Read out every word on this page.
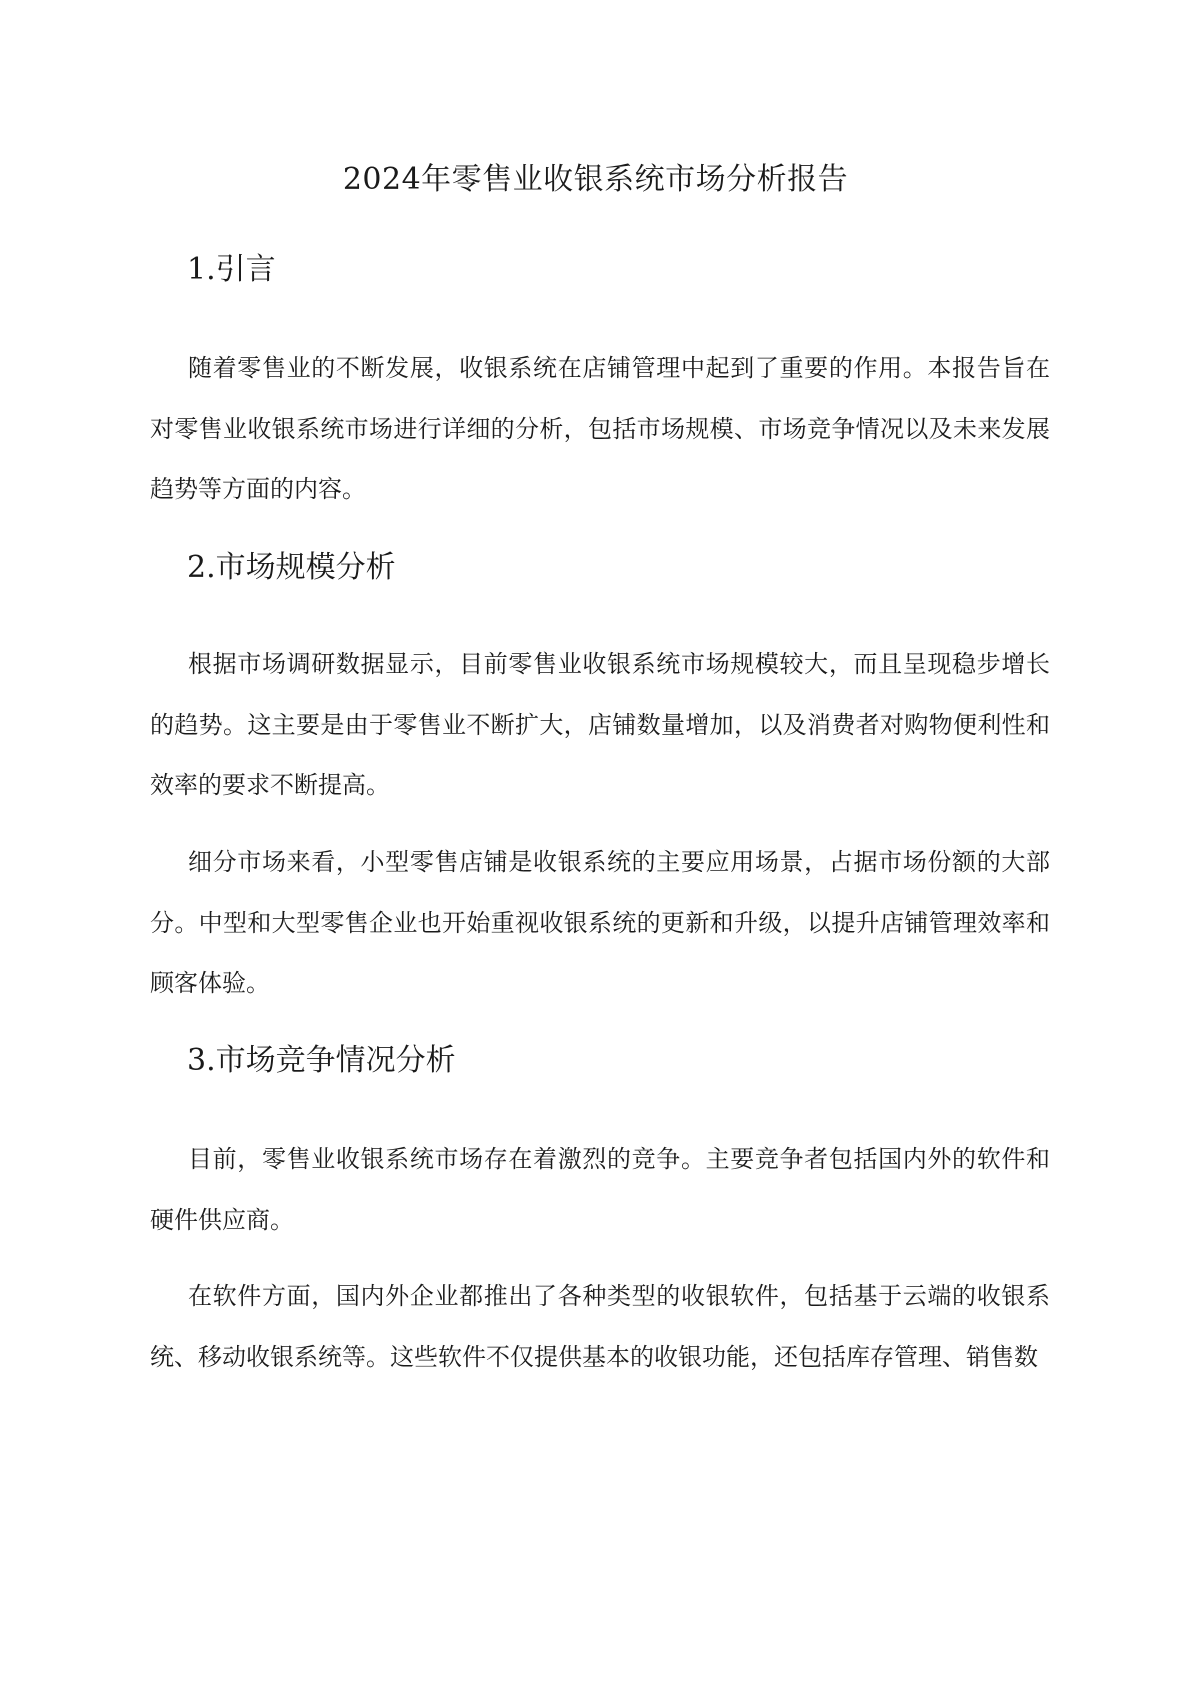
2024年零售业收银系统市场分析报告
1.引言

随着零售业的不断发展，收银系统在店铺管理中起到了重要的作用。本报告旨在对零售业收银系统市场进行详细的分析，包括市场规模、市场竞争情况以及未来发展趋势等方面的内容。

2.市场规模分析

根据市场调研数据显示，目前零售业收银系统市场规模较大，而且呈现稳步增长的趋势。这主要是由于零售业不断扩大，店铺数量增加，以及消费者对购物便利性和效率的要求不断提高。

细分市场来看，小型零售店铺是收银系统的主要应用场景，占据市场份额的大部分。中型和大型零售企业也开始重视收银系统的更新和升级，以提升店铺管理效率和顾客体验。

3.市场竞争情况分析

目前，零售业收银系统市场存在着激烈的竞争。主要竞争者包括国内外的软件和硬件供应商。

在软件方面，国内外企业都推出了各种类型的收银软件，包括基于云端的收银系统、移动收银系统等。这些软件不仅提供基本的收银功能，还包括库存管理、销售数
